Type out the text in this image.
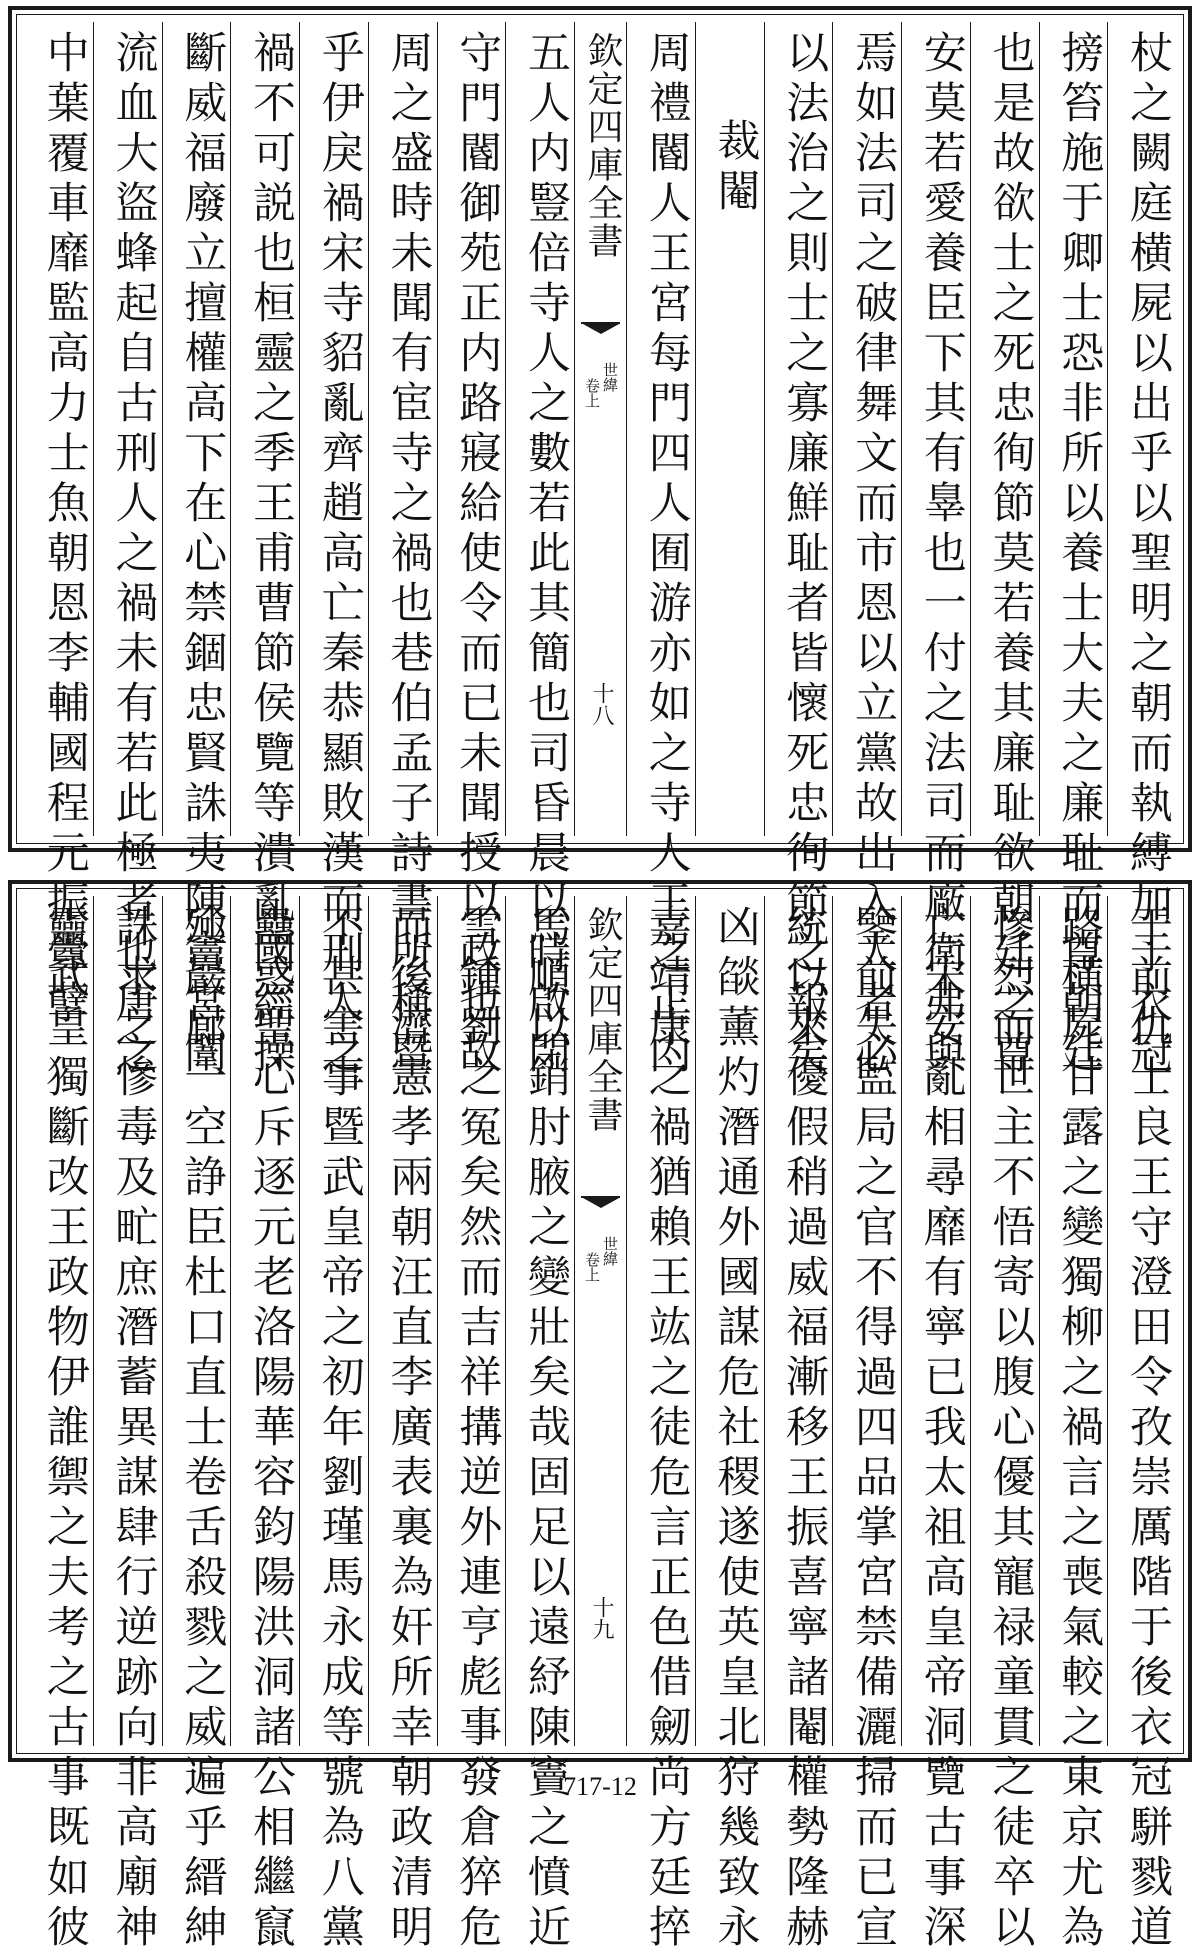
杖之闕庭横屍以出乎以聖明之朝而執縛加于衣冠
搒笞施于卿士恐非所以養士大夫之廉耻而尊朝廷
也是故欲士之死忠徇節莫若養其廉耻欲朝廷之尊
安莫若愛養臣下其有辠也一付之法司而廠衛弗與
焉如法司之破律舞文而市恩以立黨故出入人者必
以法治之則士之寡廉鮮耻者皆懷死忠徇節之報矣
裁閹
周禮閽人王宮每門四人囿游亦如之寺人王之正内
五人内豎倍寺人之數若此其簡也司昏晨以時啟閉
守門閽御苑正内路寢給使令而已未聞授以政也故
周之盛時未聞有宦寺之禍也巷伯孟子詩書所稱暨
乎伊戾禍宋寺貂亂齊趙高亡秦恭顯敗漢而刑人之
禍不可説也桓靈之季王甫曹節侯覽等潰亂國經操
斷威福廢立擅權高下在心禁錮忠賢誅夷陳竇宮闈
流血大盜蜂起自古刑人之禍未有若此極者也唐之
中葉覆車靡監高力士魚朝恩李輔國程元振釁孽	欽定四庫全書
世緯
卷上
十八
于前仇士良王守澄田令孜崇厲階于後衣冠駢戮道
路横屍甘露之變獨柳之禍言之喪氣較之東京尤為
慘烈而世主不悟寄以腹心優其寵禄童貫之徒卒以
亡宋安亂相尋靡有寧已我太祖高皇帝洞覽古事深
鑒前失監局之官不得過四品掌宮禁備灑掃而已宣
統以來優假稍過威福漸移王振喜寧諸閹權勢隆赫
凶燄薰灼潛通外國謀危社稷遂使英皇北狩幾致永
嘉靖康之禍猶賴王竑之徒危言正色借劒尚方廷捽
馬順以銷肘腋之變壯矣哉固足以遠紓陳竇之憤近
雪鍾劉之冤矣然而吉祥搆逆外連亨彪事發倉猝危
而後濟憲孝兩朝汪直李廣表裏為奸所幸朝政清明
不甚害事暨武皇帝之初年劉瑾馬永成等號為八黨
蠱惑聖心斥逐元老洛陽華容鈞陽洪洞諸公相繼竄
殛巖廊一空諍臣杜口直士卷舌殺戮之威遍乎縉紳
誅求之慘毒及甿庶潛蓄異謀肆行逆跡向非高廟神
靈武皇獨斷改王政物伊誰禦之夫考之古事既如彼	欽定四庫全書
世緯
卷上
十九
717-12
